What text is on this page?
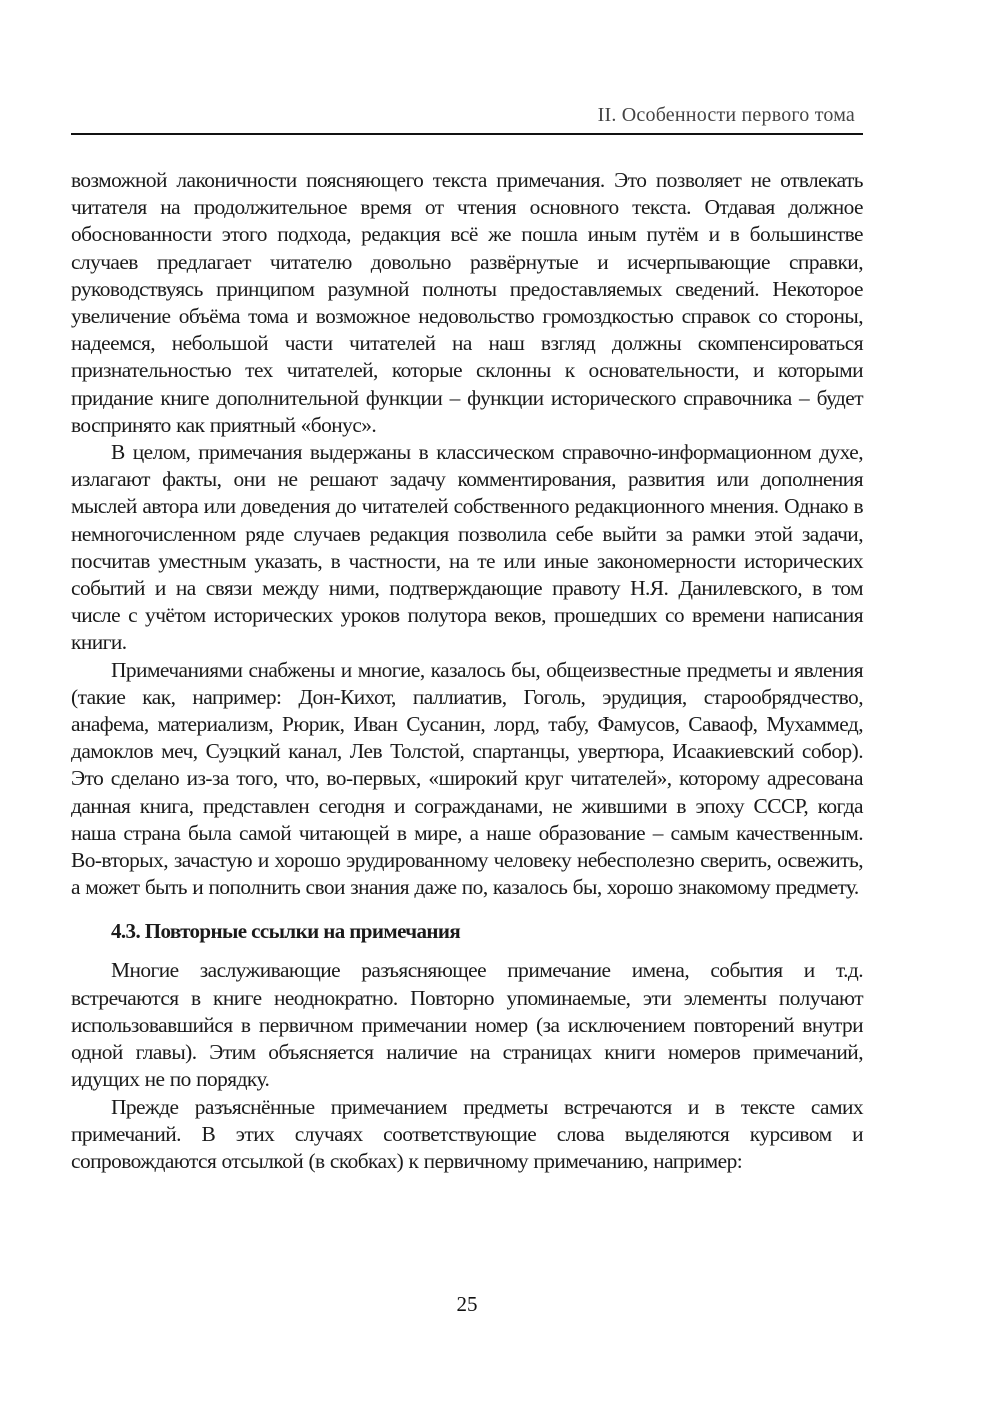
II. Особенности первого тома

возможной лаконичности поясняющего текста примечания. Это позволяет не отвлекать читателя на продолжительное время от чтения основного текста. Отдавая должное обоснованности этого подхода, редакция всё же пошла иным путём и в большинстве случаев предлагает читателю довольно развёрнутые и исчерпывающие справки, руководствуясь принципом разумной полноты предоставляемых сведений. Некоторое увеличение объёма тома и возможное недовольство громоздкостью справок со стороны, надеемся, небольшой части читателей на наш взгляд должны скомпенсироваться признательностью тех читателей, которые склонны к основательности, и которыми придание книге дополнительной функции – функции исторического справочника – будет воспринято как приятный «бонус».

В целом, примечания выдержаны в классическом справочно-информационном духе, излагают факты, они не решают задачу комментирования, развития или дополнения мыслей автора или доведения до читателей собственного редакционного мнения. Однако в немногочисленном ряде случаев редакция позволила себе выйти за рамки этой задачи, посчитав уместным указать, в частности, на те или иные закономерности исторических событий и на связи между ними, подтверждающие правоту Н.Я. Данилевского, в том числе с учётом исторических уроков полутора веков, прошедших со времени написания книги.

Примечаниями снабжены и многие, казалось бы, общеизвестные предметы и явления (такие как, например: Дон-Кихот, паллиатив, Гоголь, эрудиция, старообрядчество, анафема, материализм, Рюрик, Иван Сусанин, лорд, табу, Фамусов, Саваоф, Мухаммед, дамоклов меч, Суэцкий канал, Лев Толстой, спартанцы, увертюра, Исаакиевский собор). Это сделано из-за того, что, во-первых, «широкий круг читателей», которому адресована данная книга, представлен сегодня и согражданами, не жившими в эпоху СССР, когда наша страна была самой читающей в мире, а наше образование – самым качественным. Во-вторых, зачастую и хорошо эрудированному человеку небесполезно сверить, освежить, а может быть и пополнить свои знания даже по, казалось бы, хорошо знакомому предмету.

4.3. Повторные ссылки на примечания

Многие заслуживающие разъясняющее примечание имена, события и т.д. встречаются в книге неоднократно. Повторно упоминаемые, эти элементы получают использовавшийся в первичном примечании номер (за исключением повторений внутри одной главы). Этим объясняется наличие на страницах книги номеров примечаний, идущих не по порядку.

Прежде разъяснённые примечанием предметы встречаются и в тексте самих примечаний. В этих случаях соответствующие слова выделяются курсивом и сопровождаются отсылкой (в скобках) к первичному примечанию, например:

25
